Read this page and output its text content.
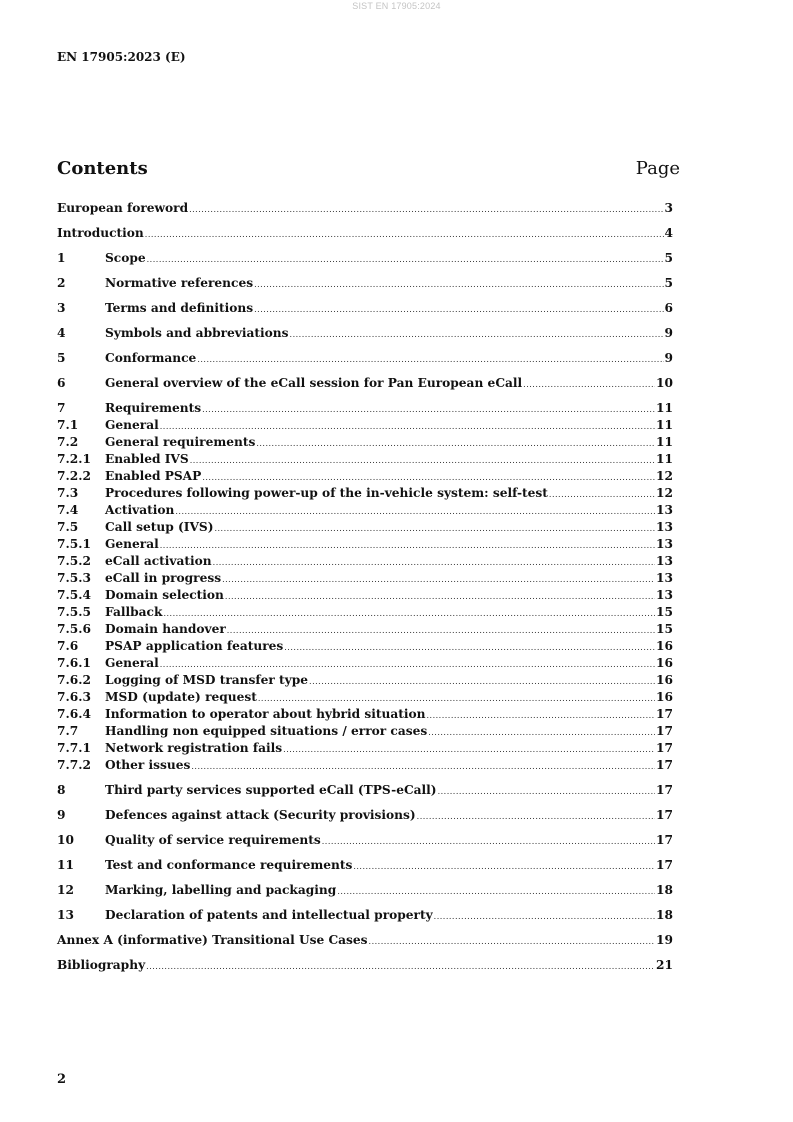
SIST EN 17905:2024
EN 17905:2023 (E)
Contents	Page
European foreword .....	3
Introduction .....	4
1	Scope .....	5
2	Normative references .....	5
3	Terms and definitions .....	6
4	Symbols and abbreviations .....	9
5	Conformance .....	9
6	General overview of the eCall session for Pan European eCall .....	10
7	Requirements .....	11
7.1	General .....	11
7.2	General requirements .....	11
7.2.1	Enabled IVS .....	11
7.2.2	Enabled PSAP .....	12
7.3	Procedures following power-up of the in-vehicle system: self-test .....	12
7.4	Activation .....	13
7.5	Call setup (IVS) .....	13
7.5.1	General .....	13
7.5.2	eCall activation .....	13
7.5.3	eCall in progress .....	13
7.5.4	Domain selection .....	13
7.5.5	Fallback .....	15
7.5.6	Domain handover .....	15
7.6	PSAP application features .....	16
7.6.1	General .....	16
7.6.2	Logging of MSD transfer type .....	16
7.6.3	MSD (update) request .....	16
7.6.4	Information to operator about hybrid situation .....	17
7.7	Handling non equipped situations / error cases .....	17
7.7.1	Network registration fails .....	17
7.7.2	Other issues .....	17
8	Third party services supported eCall (TPS-eCall) .....	17
9	Defences against attack (Security provisions) .....	17
10	Quality of service requirements .....	17
11	Test and conformance requirements .....	17
12	Marking, labelling and packaging .....	18
13	Declaration of patents and intellectual property .....	18
Annex A (informative) Transitional Use Cases .....	19
Bibliography .....	21
2
